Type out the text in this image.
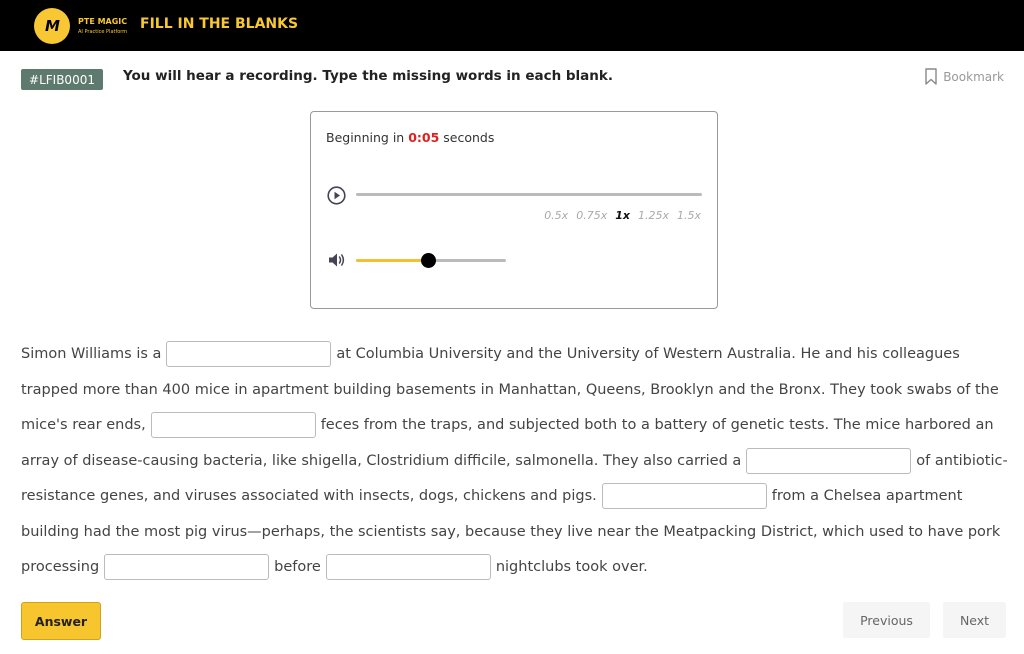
M PTE MAGIC
AI Practice Platform FILL IN THE BLANKS
#LFIB0001	You will hear a recording. Type the missing words in each blank.	Bookmark
Beginning in 0:05 seconds
0.5x 0.75x 1x 1.25x 1.5x
Simon Williams is a	at Columbia University and the University of Western Australia. He and his colleagues trapped more than 400 mice in apartment building basements in Manhattan, Queens, Brooklyn and the Bronx. They took swabs of the mice's rear ends,	feces from the traps, and subjected both to a battery of genetic tests. The mice harbored an array of disease-causing bacteria, like shigella, Clostridium difficile, salmonella. They also carried a	of antibiotic-resistance genes, and viruses associated with insects, dogs, chickens and pigs.	from a Chelsea apartment building had the most pig virus—perhaps, the scientists say, because they live near the Meatpacking District, which used to have pork processing	before	nightclubs took over.
Answer	Previous	Next
